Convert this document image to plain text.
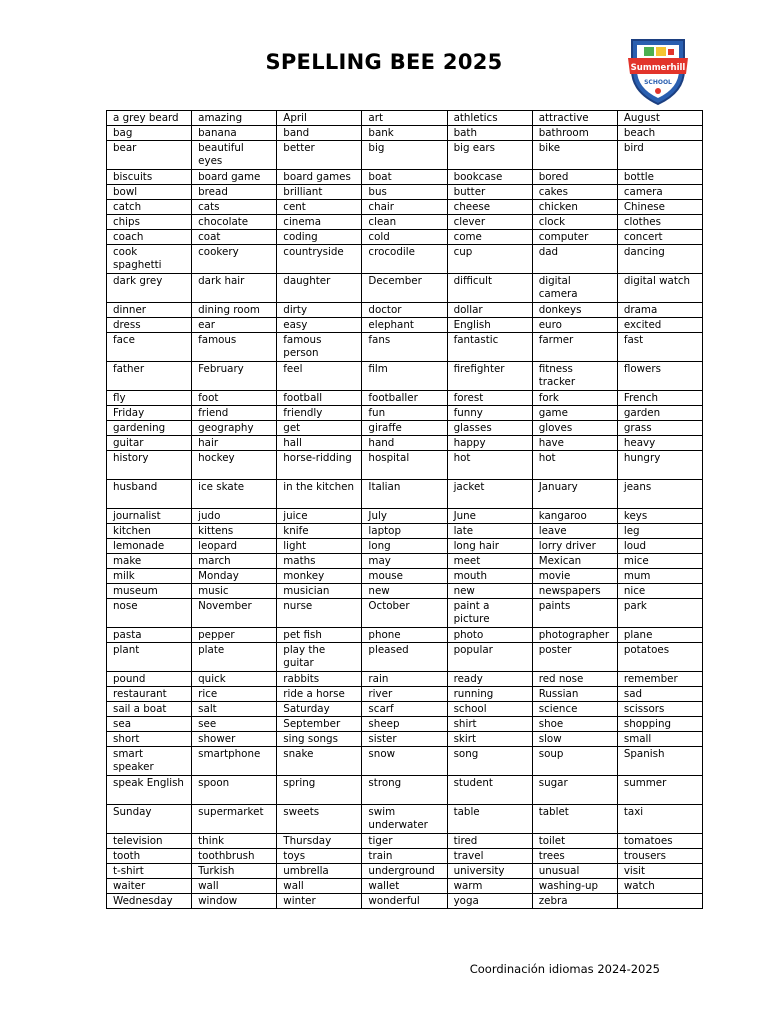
SPELLING BEE 2025	Summerhill
SCHOOL
a grey beard	amazing	April	art	athletics	attractive	August
bag	banana	band	bank	bath	bathroom	beach
bear	beautiful eyes	better	big	big ears	bike	bird
biscuits	board game	board games	boat	bookcase	bored	bottle
bowl	bread	brilliant	bus	butter	cakes	camera
catch	cats	cent	chair	cheese	chicken	Chinese
chips	chocolate	cinema	clean	clever	clock	clothes
coach	coat	coding	cold	come	computer	concert
cook spaghetti	cookery	countryside	crocodile	cup	dad	dancing
dark grey	dark hair	daughter	December	difficult	digital camera	digital watch
dinner	dining room	dirty	doctor	dollar	donkeys	drama
dress	ear	easy	elephant	English	euro	excited
face	famous	famous person	fans	fantastic	farmer	fast
father	February	feel	film	firefighter	fitness tracker	flowers
fly	foot	football	footballer	forest	fork	French
Friday	friend	friendly	fun	funny	game	garden
gardening	geography	get	giraffe	glasses	gloves	grass
guitar	hair	hall	hand	happy	have	heavy
history	hockey	horse-ridding	hospital	hot	hot	hungry
husband	ice skate	in the kitchen	Italian	jacket	January	jeans
journalist	judo	juice	July	June	kangaroo	keys
kitchen	kittens	knife	laptop	late	leave	leg
lemonade	leopard	light	long	long hair	lorry driver	loud
make	march	maths	may	meet	Mexican	mice
milk	Monday	monkey	mouse	mouth	movie	mum
museum	music	musician	new	new	newspapers	nice
nose	November	nurse	October	paint a picture	paints	park
pasta	pepper	pet fish	phone	photo	photographer	plane
plant	plate	play the guitar	pleased	popular	poster	potatoes
pound	quick	rabbits	rain	ready	red nose	remember
restaurant	rice	ride a horse	river	running	Russian	sad
sail a boat	salt	Saturday	scarf	school	science	scissors
sea	see	September	sheep	shirt	shoe	shopping
short	shower	sing songs	sister	skirt	slow	small
smart speaker	smartphone	snake	snow	song	soup	Spanish
speak English	spoon	spring	strong	student	sugar	summer
Sunday	supermarket	sweets	swim underwater	table	tablet	taxi
television	think	Thursday	tiger	tired	toilet	tomatoes
tooth	toothbrush	toys	train	travel	trees	trousers
t-shirt	Turkish	umbrella	underground	university	unusual	visit
waiter	wall	wall	wallet	warm	washing-up	watch
Wednesday	window	winter	wonderful	yoga	zebra	
Coordinación idiomas 2024-2025
